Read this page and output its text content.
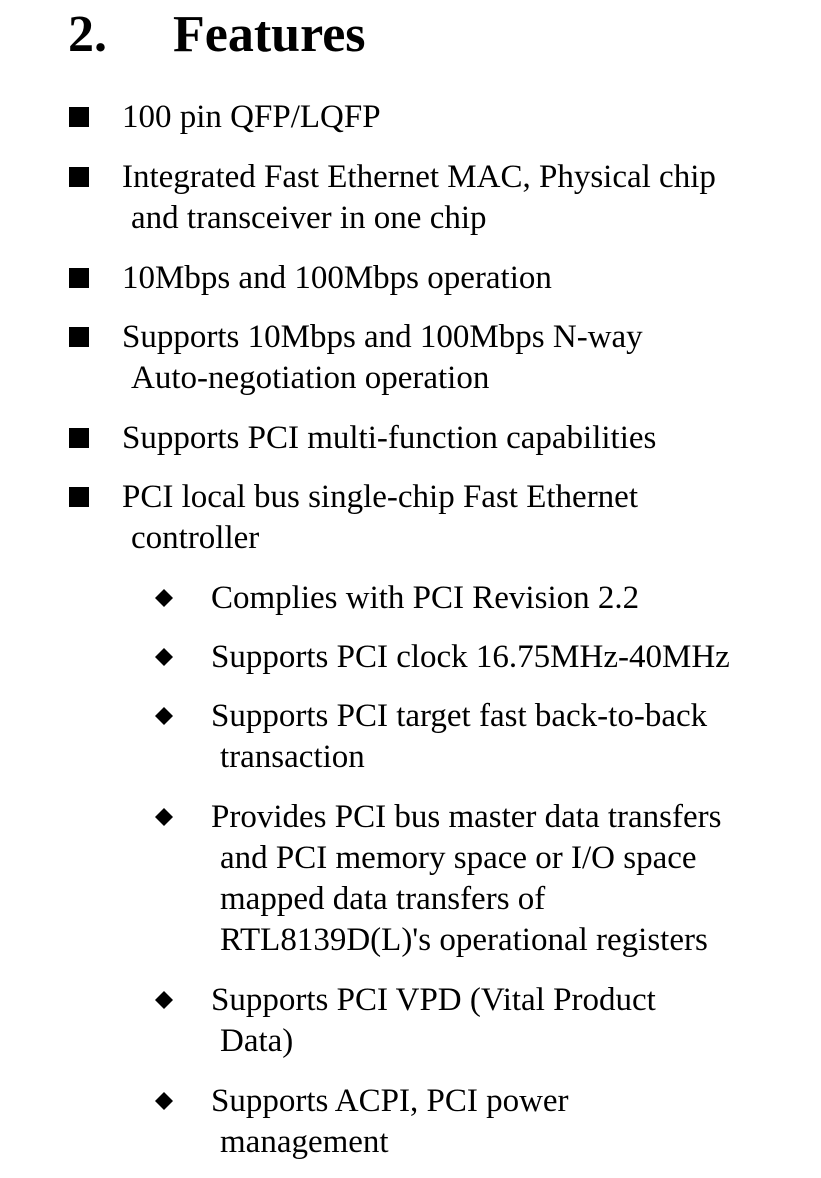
2. Features
100 pin QFP/LQFP
Integrated Fast Ethernet MAC, Physical chip
and transceiver in one chip
10Mbps and 100Mbps operation
Supports 10Mbps and 100Mbps N-way
Auto-negotiation operation
Supports PCI multi-function capabilities
PCI local bus single-chip Fast Ethernet
controller
Complies with PCI Revision 2.2
Supports PCI clock 16.75MHz-40MHz
Supports PCI target fast back-to-back
transaction
Provides PCI bus master data transfers
and PCI memory space or I/O space
mapped data transfers of
RTL8139D(L)'s operational registers
Supports PCI VPD (Vital Product
Data)
Supports ACPI, PCI power
management
